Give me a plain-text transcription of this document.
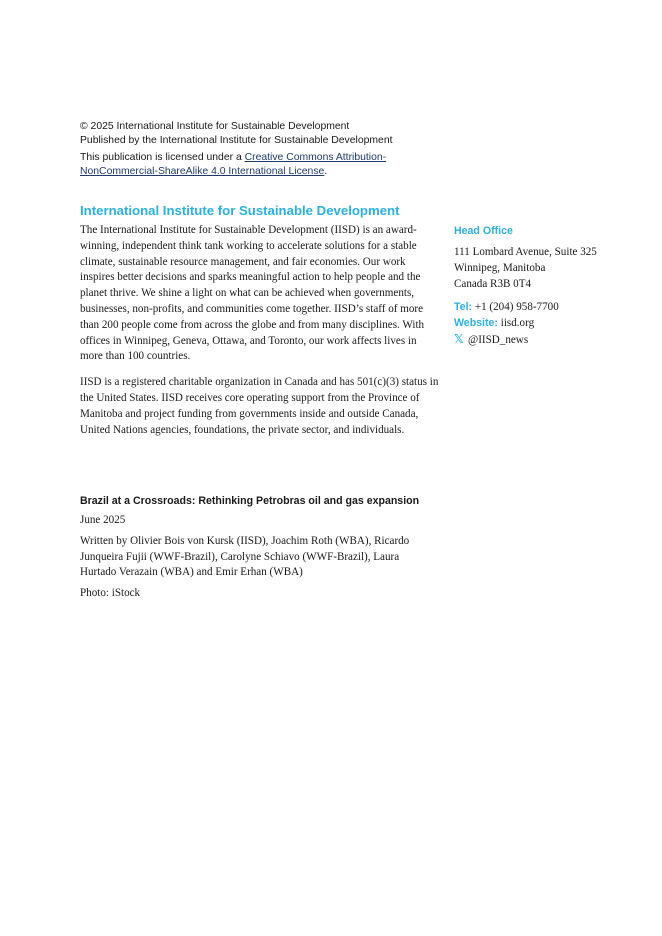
© 2025 International Institute for Sustainable Development

Published by the International Institute for Sustainable Development

This publication is licensed under a Creative Commons Attribution-NonCommercial-ShareAlike 4.0 International License.

International Institute for Sustainable Development

The International Institute for Sustainable Development (IISD) is an award-winning, independent think tank working to accelerate solutions for a stable climate, sustainable resource management, and fair economies. Our work inspires better decisions and sparks meaningful action to help people and the planet thrive. We shine a light on what can be achieved when governments, businesses, non-profits, and communities come together. IISD’s staff of more than 200 people come from across the globe and from many disciplines. With offices in Winnipeg, Geneva, Ottawa, and Toronto, our work affects lives in more than 100 countries.

IISD is a registered charitable organization in Canada and has 501(c)(3) status in the United States. IISD receives core operating support from the Province of Manitoba and project funding from governments inside and outside Canada, United Nations agencies, foundations, the private sector, and individuals.

Head Office

111 Lombard Avenue, Suite 325

Winnipeg, Manitoba

Canada R3B 0T4

Tel: +1 (204) 958-7700

Website: iisd.org

𝕏 @IISD_news

Brazil at a Crossroads: Rethinking Petrobras oil and gas expansion

June 2025

Written by Olivier Bois von Kursk (IISD), Joachim Roth (WBA), Ricardo Junqueira Fujii (WWF-Brazil), Carolyne Schiavo (WWF-Brazil), Laura Hurtado Verazain (WBA) and Emir Erhan (WBA)

Photo: iStock
